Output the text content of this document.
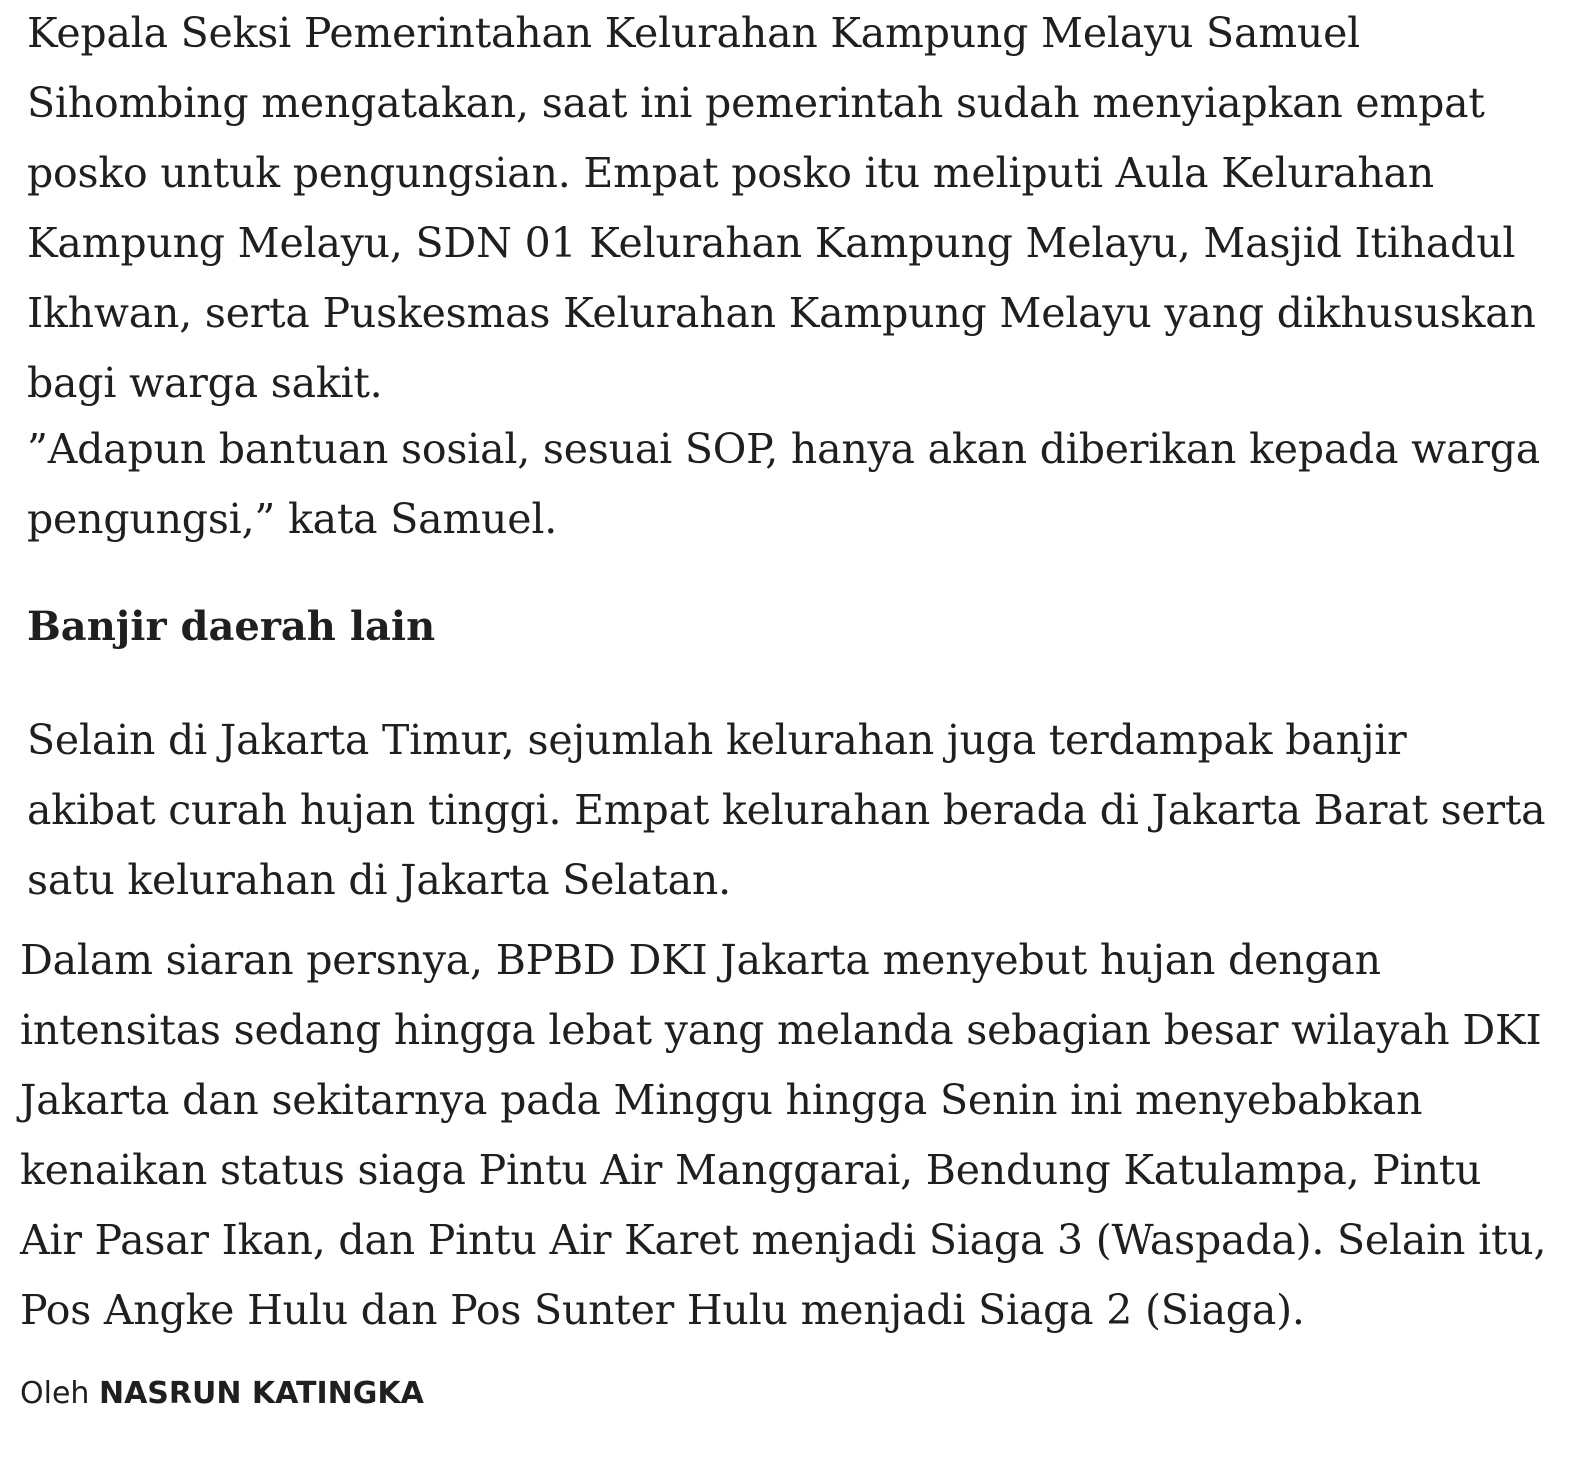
Kepala Seksi Pemerintahan Kelurahan Kampung Melayu Samuel Sihombing mengatakan, saat ini pemerintah sudah menyiapkan empat posko untuk pengungsian. Empat posko itu meliputi Aula Kelurahan Kampung Melayu, SDN 01 Kelurahan Kampung Melayu, Masjid Itihadul Ikhwan, serta Puskesmas Kelurahan Kampung Melayu yang dikhususkan bagi warga sakit.

”Adapun bantuan sosial, sesuai SOP, hanya akan diberikan kepada warga pengungsi,” kata Samuel.

Banjir daerah lain

Selain di Jakarta Timur, sejumlah kelurahan juga terdampak banjir akibat curah hujan tinggi. Empat kelurahan berada di Jakarta Barat serta satu kelurahan di Jakarta Selatan.

Dalam siaran persnya, BPBD DKI Jakarta menyebut hujan dengan intensitas sedang hingga lebat yang melanda sebagian besar wilayah DKI Jakarta dan sekitarnya pada Minggu hingga Senin ini menyebabkan kenaikan status siaga Pintu Air Manggarai, Bendung Katulampa, Pintu Air Pasar Ikan, dan Pintu Air Karet menjadi Siaga 3 (Waspada). Selain itu, Pos Angke Hulu dan Pos Sunter Hulu menjadi Siaga 2 (Siaga).

Oleh NASRUN KATINGKA
